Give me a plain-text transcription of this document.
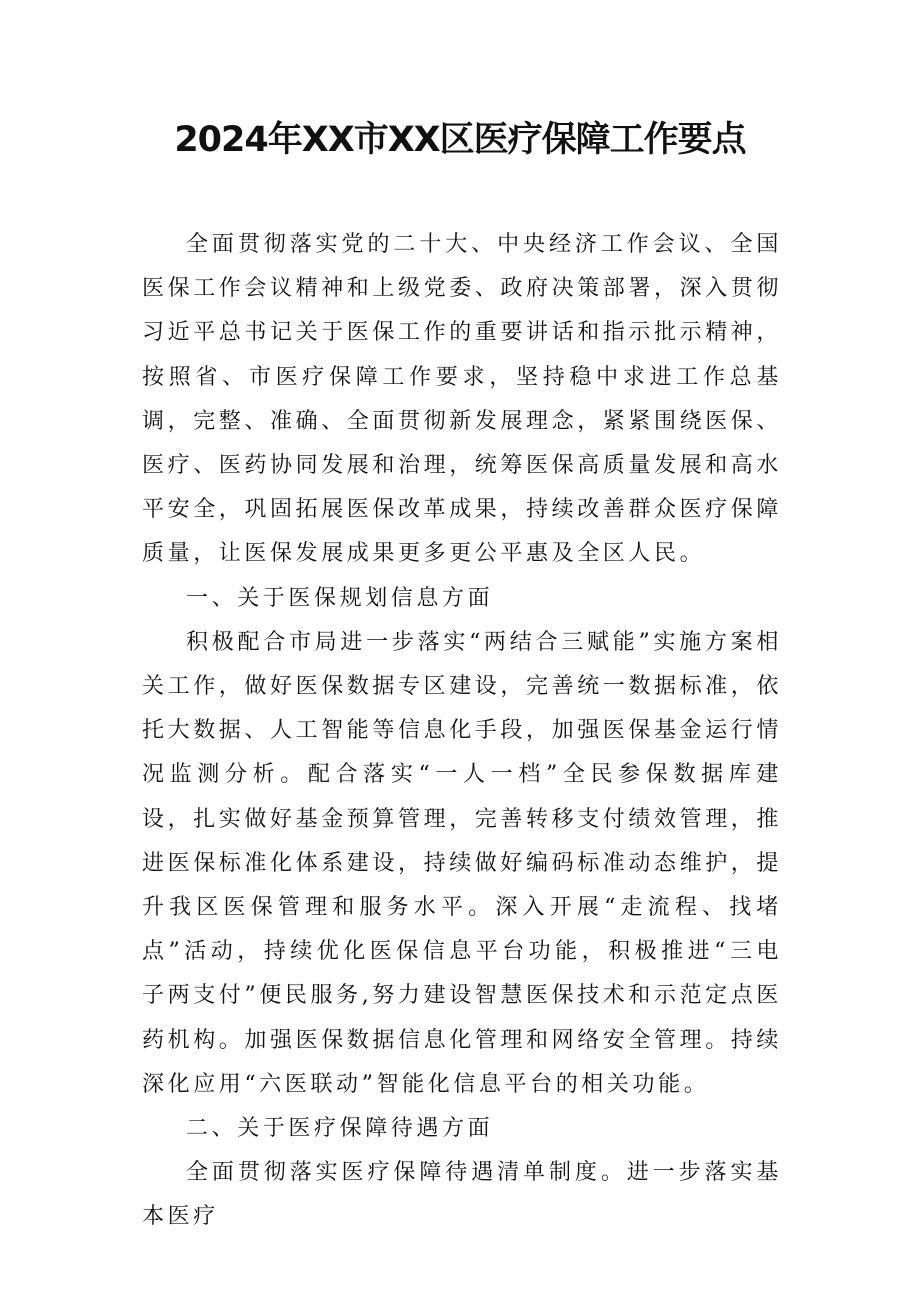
2024年XX市XX区医疗保障工作要点

全面贯彻落实党的二十大、中央经济工作会议、全国医保工作会议精神和上级党委、政府决策部署，深入贯彻习近平总书记关于医保工作的重要讲话和指示批示精神，按照省、市医疗保障工作要求，坚持稳中求进工作总基调，完整、准确、全面贯彻新发展理念，紧紧围绕医保、医疗、医药协同发展和治理，统筹医保高质量发展和高水平安全，巩固拓展医保改革成果，持续改善群众医疗保障质量，让医保发展成果更多更公平惠及全区人民。

一、关于医保规划信息方面

积极配合市局进一步落实“两结合三赋能”实施方案相关工作，做好医保数据专区建设，完善统一数据标准，依托大数据、人工智能等信息化手段，加强医保基金运行情况监测分析。配合落实“一人一档”全民参保数据库建设，扎实做好基金预算管理，完善转移支付绩效管理，推进医保标准化体系建设，持续做好编码标准动态维护，提升我区医保管理和服务水平。深入开展“走流程、找堵点”活动，持续优化医保信息平台功能，积极推进“三电子两支付”便民服务,努力建设智慧医保技术和示范定点医药机构。加强医保数据信息化管理和网络安全管理。持续深化应用“六医联动”智能化信息平台的相关功能。

二、关于医疗保障待遇方面

全面贯彻落实医疗保障待遇清单制度。进一步落实基本医疗
